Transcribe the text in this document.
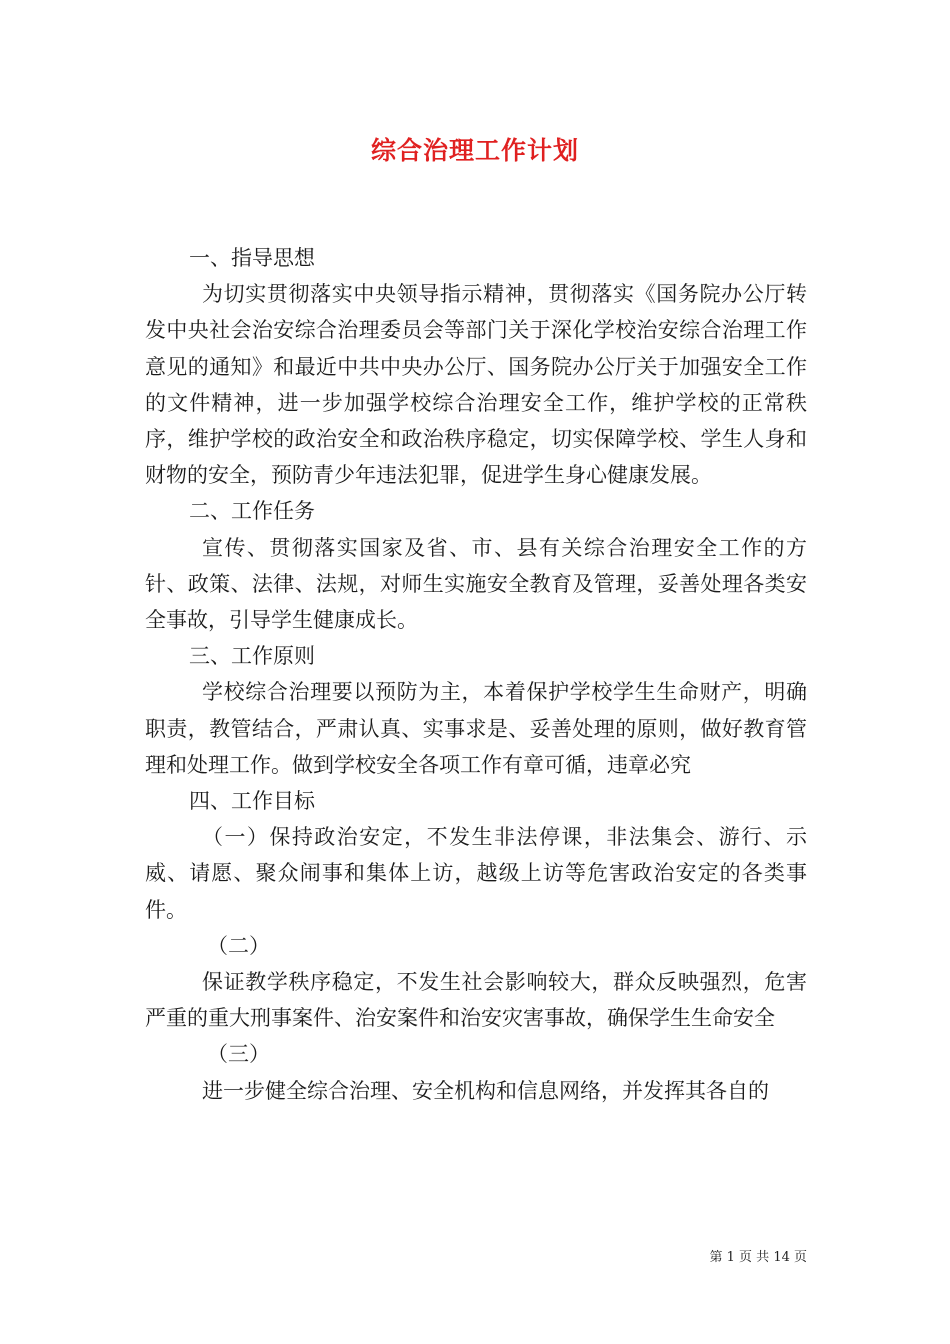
综合治理工作计划

一、指导思想

为切实贯彻落实中央领导指示精神，贯彻落实《国务院办公厅转发中央社会治安综合治理委员会等部门关于深化学校治安综合治理工作意见的通知》和最近中共中央办公厅、国务院办公厅关于加强安全工作的文件精神，进一步加强学校综合治理安全工作，维护学校的正常秩序，维护学校的政治安全和政治秩序稳定，切实保障学校、学生人身和财物的安全，预防青少年违法犯罪，促进学生身心健康发展。

二、工作任务

宣传、贯彻落实国家及省、市、县有关综合治理安全工作的方针、政策、法律、法规，对师生实施安全教育及管理，妥善处理各类安全事故，引导学生健康成长。

三、工作原则

学校综合治理要以预防为主，本着保护学校学生生命财产，明确职责，教管结合，严肃认真、实事求是、妥善处理的原则，做好教育管理和处理工作。做到学校安全各项工作有章可循，违章必究

四、工作目标

（一）保持政治安定，不发生非法停课，非法集会、游行、示威、请愿、聚众闹事和集体上访，越级上访等危害政治安定的各类事件。

（二）

保证教学秩序稳定，不发生社会影响较大，群众反映强烈，危害严重的重大刑事案件、治安案件和治安灾害事故，确保学生生命安全

（三）

进一步健全综合治理、安全机构和信息网络，并发挥其各自的

第 1 页 共 14 页
